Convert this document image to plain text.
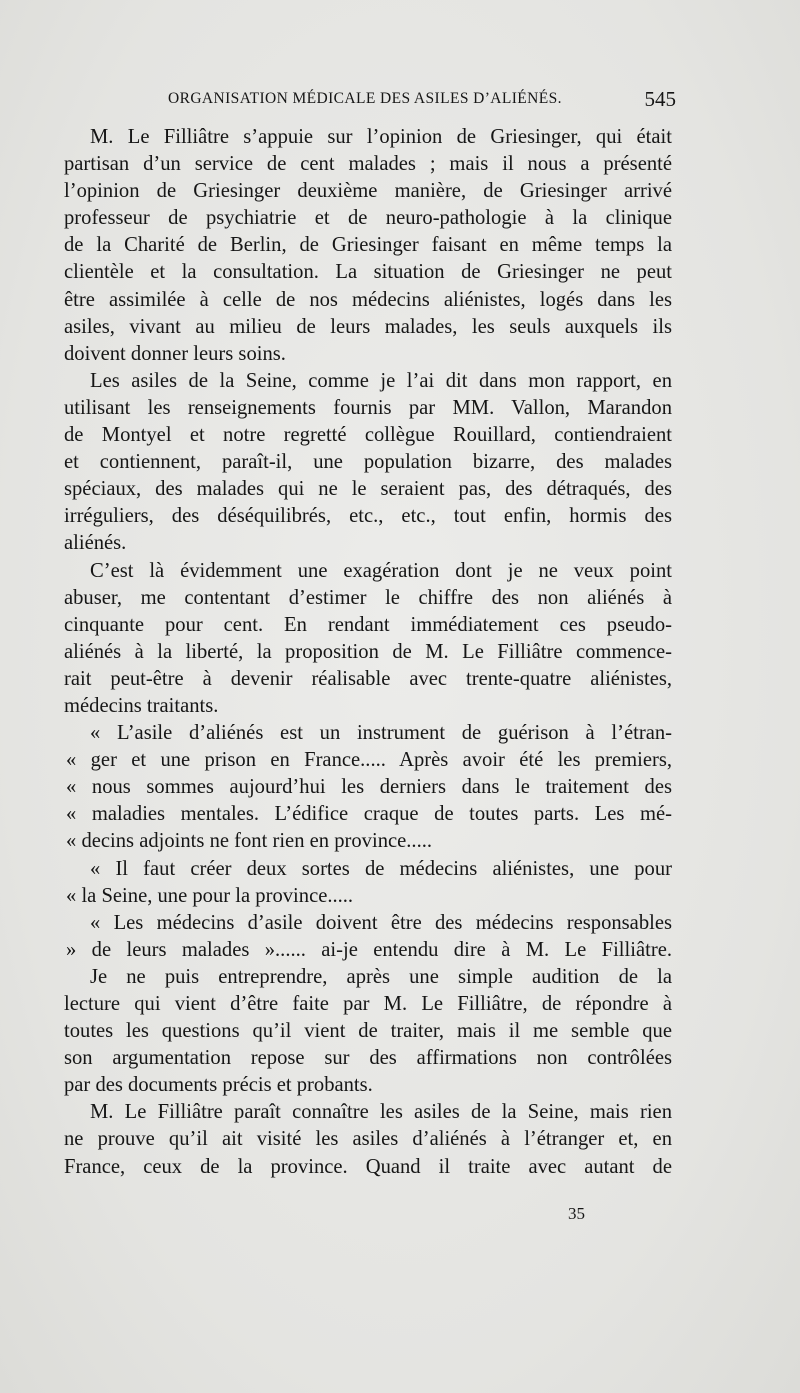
ORGANISATION MÉDICALE DES ASILES D’ALIÉNÉS.	545
M. Le Filliâtre s’appuie sur l’opinion de Griesinger, qui était
partisan d’un service de cent malades ; mais il nous a présenté
l’opinion de Griesinger deuxième manière, de Griesinger arrivé
professeur de psychiatrie et de neuro-pathologie à la clinique
de la Charité de Berlin, de Griesinger faisant en même temps la
clientèle et la consultation. La situation de Griesinger ne peut
être assimilée à celle de nos médecins aliénistes, logés dans les
asiles, vivant au milieu de leurs malades, les seuls auxquels ils
doivent donner leurs soins.
Les asiles de la Seine, comme je l’ai dit dans mon rapport, en
utilisant les renseignements fournis par MM. Vallon, Marandon
de Montyel et notre regretté collègue Rouillard, contiendraient
et contiennent, paraît-il, une population bizarre, des malades
spéciaux, des malades qui ne le seraient pas, des détraqués, des
irréguliers, des déséquilibrés, etc., etc., tout enfin, hormis des
aliénés.
C’est là évidemment une exagération dont je ne veux point
abuser, me contentant d’estimer le chiffre des non aliénés à
cinquante pour cent. En rendant immédiatement ces pseudo-
aliénés à la liberté, la proposition de M. Le Filliâtre commence-
rait peut-être à devenir réalisable avec trente-quatre aliénistes,
médecins traitants.
« L’asile d’aliénés est un instrument de guérison à l’étran-
« ger et une prison en France..... Après avoir été les premiers,
« nous sommes aujourd’hui les derniers dans le traitement des
« maladies mentales. L’édifice craque de toutes parts. Les mé-
« decins adjoints ne font rien en province.....
« Il faut créer deux sortes de médecins aliénistes, une pour
« la Seine, une pour la province.....
« Les médecins d’asile doivent être des médecins responsables
» de leurs malades »...... ai-je entendu dire à M. Le Filliâtre.
Je ne puis entreprendre, après une simple audition de la
lecture qui vient d’être faite par M. Le Filliâtre, de répondre à
toutes les questions qu’il vient de traiter, mais il me semble que
son argumentation repose sur des affirmations non contrôlées
par des documents précis et probants.
M. Le Filliâtre paraît connaître les asiles de la Seine, mais rien
ne prouve qu’il ait visité les asiles d’aliénés à l’étranger et, en
France, ceux de la province. Quand il traite avec autant de
35
